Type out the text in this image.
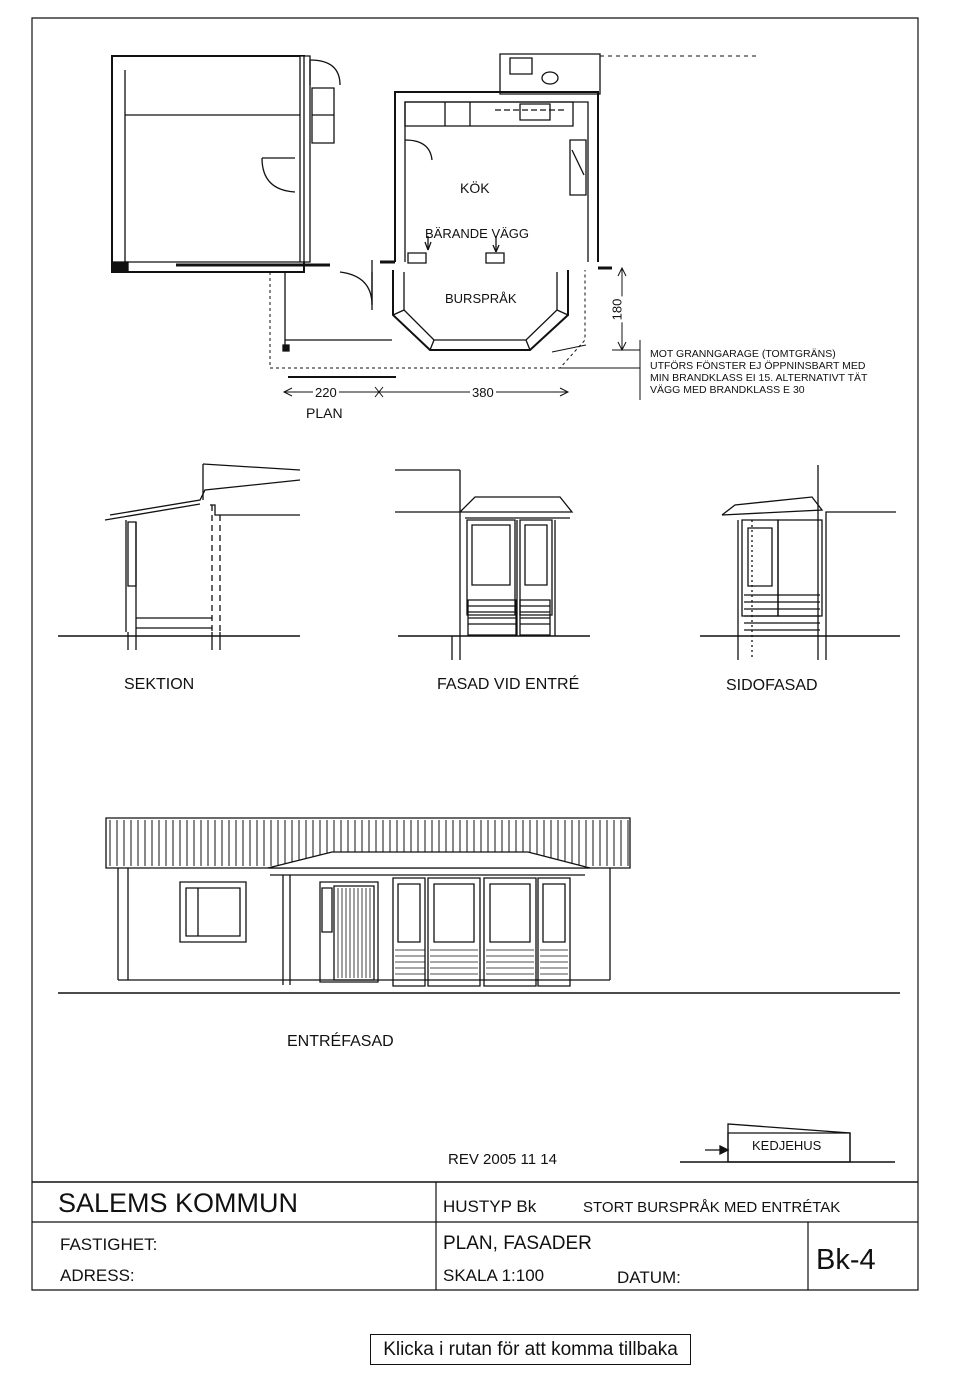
KÖK
BÄRANDE VÄGG
BURSPRÅK
220	380
180
PLAN
MOT GRANNGARAGE (TOMTGRÄNS)
UTFÖRS FÖNSTER EJ ÖPPNINSBART MED
MIN BRANDKLASS EI 15. ALTERNATIVT TÄT
VÄGG MED BRANDKLASS E 30
SEKTION	FASAD VID ENTRÉ	SIDOFASAD
ENTRÉFASAD
REV 2005 11 14
KEDJEHUS
SALEMS KOMMUN	HUSTYP Bk	STORT BURSPRÅK MED ENTRÉTAK
FASTIGHET:
ADRESS:
PLAN, FASADER
SKALA 1:100	DATUM:
Bk-4
Klicka i rutan för att komma tillbaka
